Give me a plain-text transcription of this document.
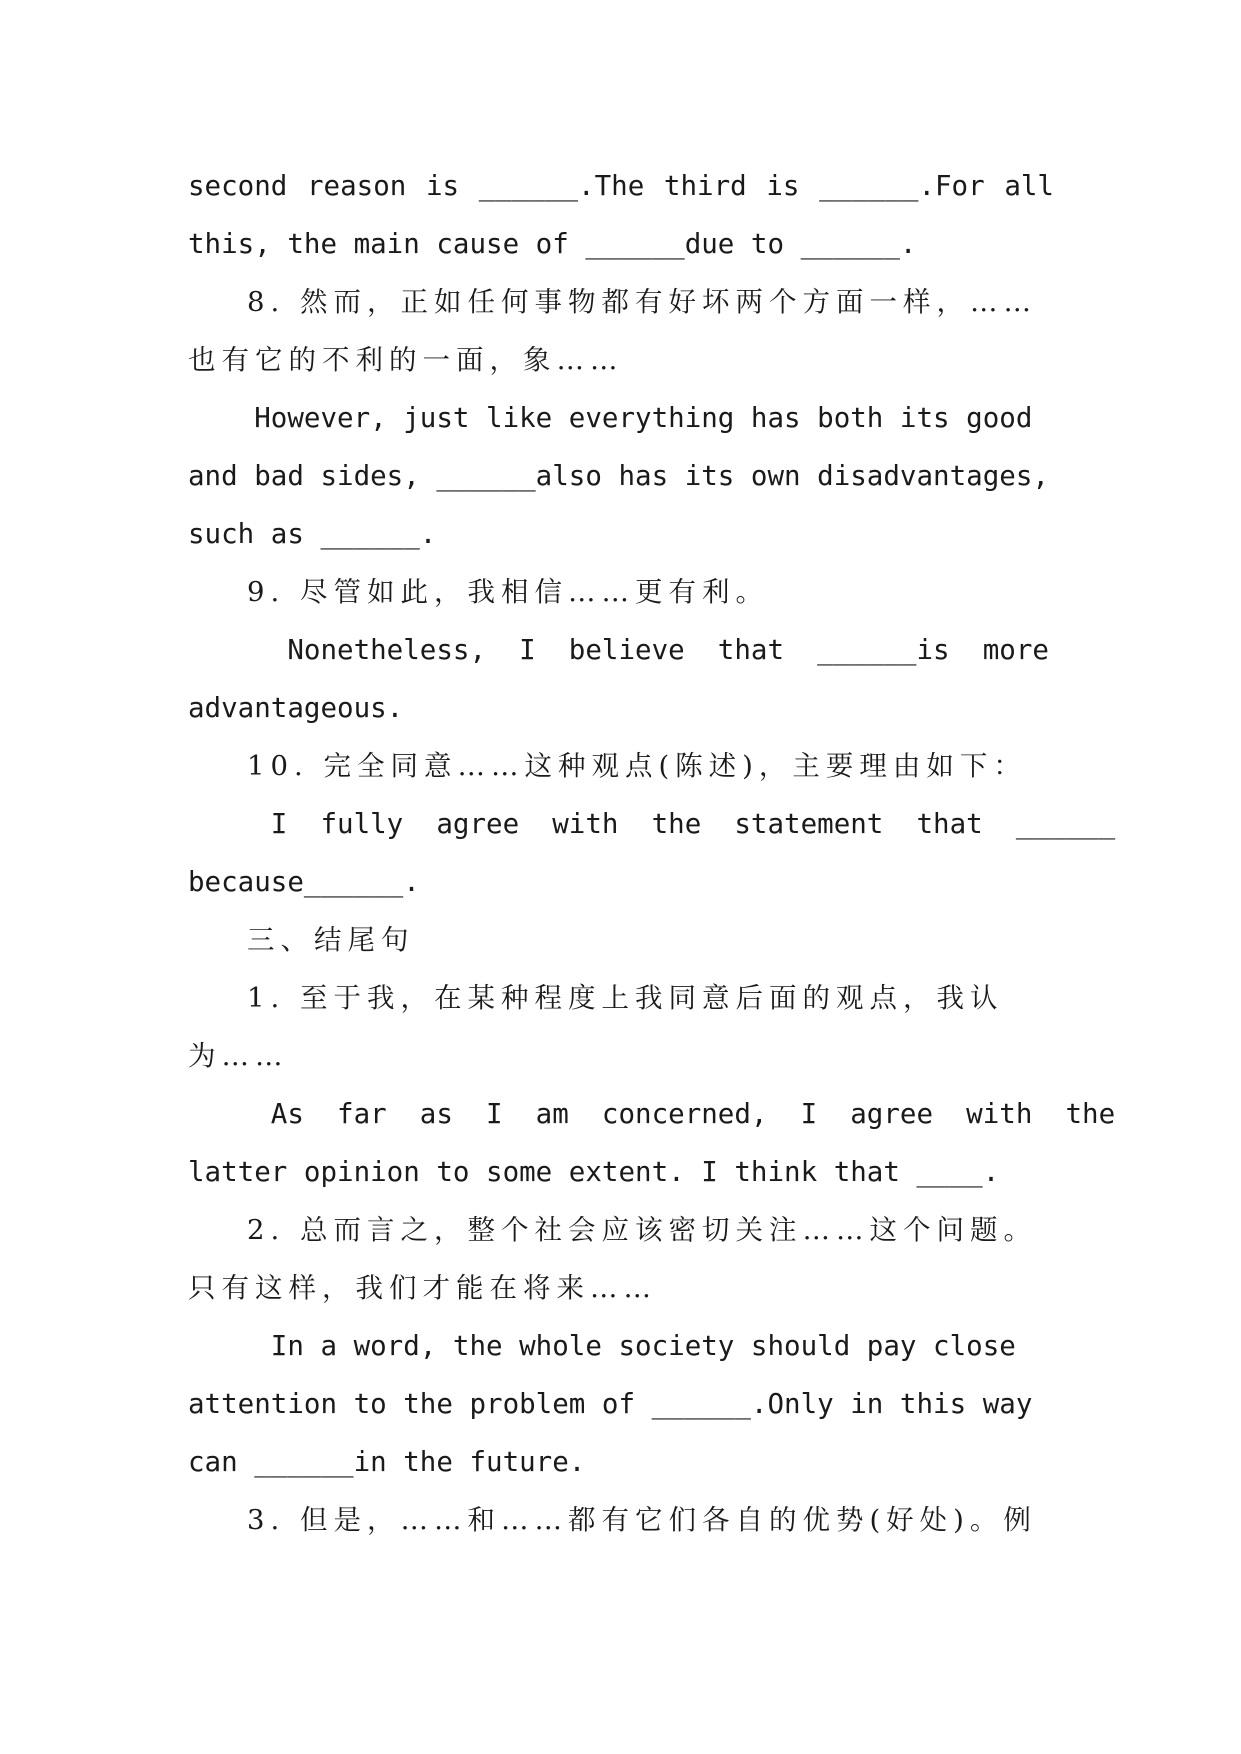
second reason is ______.The third is ______.For all
this, the main cause of ______due to ______.
8. 然而，正如任何事物都有好坏两个方面一样，……
也有它的不利的一面，象……
However, just like everything has both its good
and bad sides, ______also has its own disadvantages,
such as ______.
9. 尽管如此，我相信……更有利。
Nonetheless,  I  believe  that  ______is  more
advantageous.
10. 完全同意……这种观点(陈述)，主要理由如下：
I  fully  agree  with  the  statement  that  ______
because______.
三、结尾句
1. 至于我，在某种程度上我同意后面的观点，我认
为……
As  far  as  I  am  concerned,  I  agree  with  the
latter opinion to some extent. I think that ____.
2. 总而言之，整个社会应该密切关注……这个问题。
只有这样，我们才能在将来……
In a word, the whole society should pay close
attention to the problem of ______.Only in this way
can ______in the future.
3. 但是，……和……都有它们各自的优势(好处)。例
